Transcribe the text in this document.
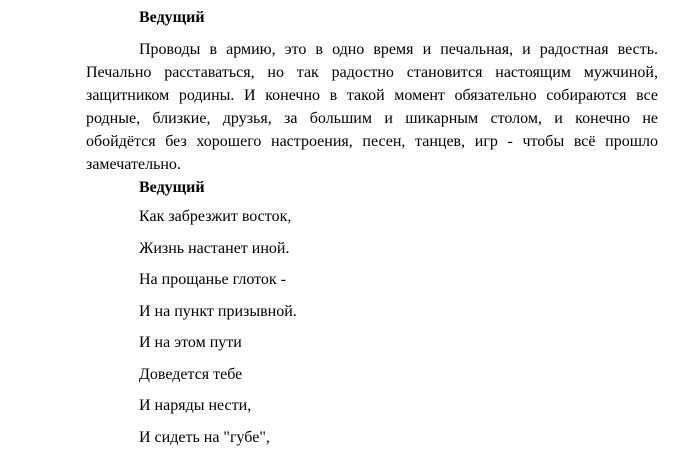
Ведущий
Проводы в армию, это в одно время и печальная, и радостная весть.
Печально расставаться, но так радостно становится настоящим мужчиной,
защитником родины. И конечно в такой момент обязательно собираются все
родные, близкие, друзья, за большим и шикарным столом, и конечно не
обойдётся без хорошего настроения, песен, танцев, игр - чтобы всё прошло
замечательно.
Ведущий
Как забрезжит восток,
Жизнь настанет иной.
На прощанье глоток -
И на пункт призывной.
И на этом пути
Доведется тебе
И наряды нести,
И сидеть на "губе",
